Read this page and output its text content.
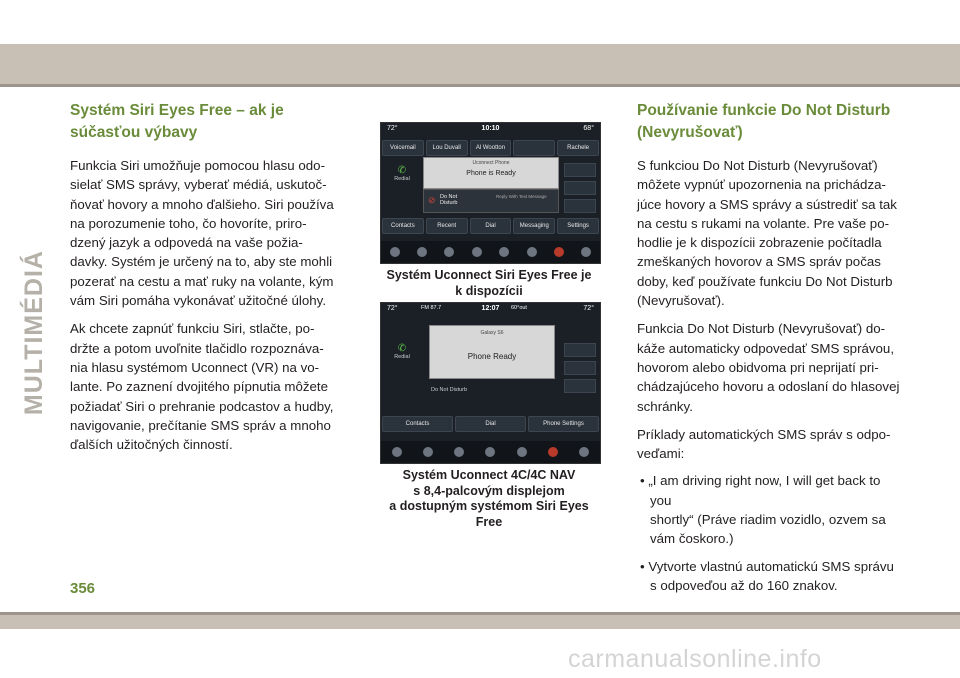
MULTIMÉDIÁ
Systém Siri Eyes Free – ak je
súčasťou výbavy

Funkcia Siri umožňuje pomocou hlasu odo-
sielať SMS správy, vyberať médiá, uskutoč-
ňovať hovory a mnoho ďalšieho. Siri používa
na porozumenie toho, čo hovoríte, priro-
dzený jazyk a odpovedá na vaše požia-
davky. Systém je určený na to, aby ste mohli
pozerať na cestu a mať ruky na volante, kým
vám Siri pomáha vykonávať užitočné úlohy.

Ak chcete zapnúť funkciu Siri, stlačte, po-
držte a potom uvoľnite tlačidlo rozpoznáva-
nia hlasu systémom Uconnect (VR) na vo-
lante. Po zaznení dvojitého pípnutia môžete
požiadať Siri o prehranie podcastov a hudby,
navigovanie, prečítanie SMS správ a mnoho
ďalších užitočných činností.

72°	10:10	68°
Voicemail	Lou Duvall	Al Wootton	Rachele
✆
Redial
Uconnect Phone
Phone is Ready
⊘ Do Not Disturb
Reply With Text Message
Contacts	Recent	Dial	Messaging	Settings
Systém Uconnect Siri Eyes Free je
k dispozícii
72°	FM 87.7	12:07 60°out	72°
✆
Redial
Galaxy S6
Phone Ready
Do Not Disturb
Contacts	Dial	Phone Settings
Systém Uconnect 4C/4C NAV
s 8,4-palcovým displejom
a dostupným systémom Siri Eyes
Free
Používanie funkcie Do Not Disturb
(Nevyrušovať)

S funkciou Do Not Disturb (Nevyrušovať)
môžete vypnúť upozornenia na prichádza-
júce hovory a SMS správy a sústrediť sa tak
na cestu s rukami na volante. Pre vaše po-
hodlie je k dispozícii zobrazenie počítadla
zmeškaných hovorov a SMS správ počas
doby, keď používate funkciu Do Not Disturb
(Nevyrušovať).

Funkcia Do Not Disturb (Nevyrušovať) do-
káže automaticky odpovedať SMS správou,
hovorom alebo obidvoma pri neprijatí pri-
chádzajúceho hovoru a odoslaní do hlasovej
schránky.

Príklady automatických SMS správ s odpo-
veďami:

• „I am driving right now, I will get back to you
shortly“ (Práve riadim vozidlo, ozvem sa
vám čoskoro.)

• Vytvorte vlastnú automatickú SMS správu
s odpoveďou až do 160 znakov.

356
carmanualsonline.info
